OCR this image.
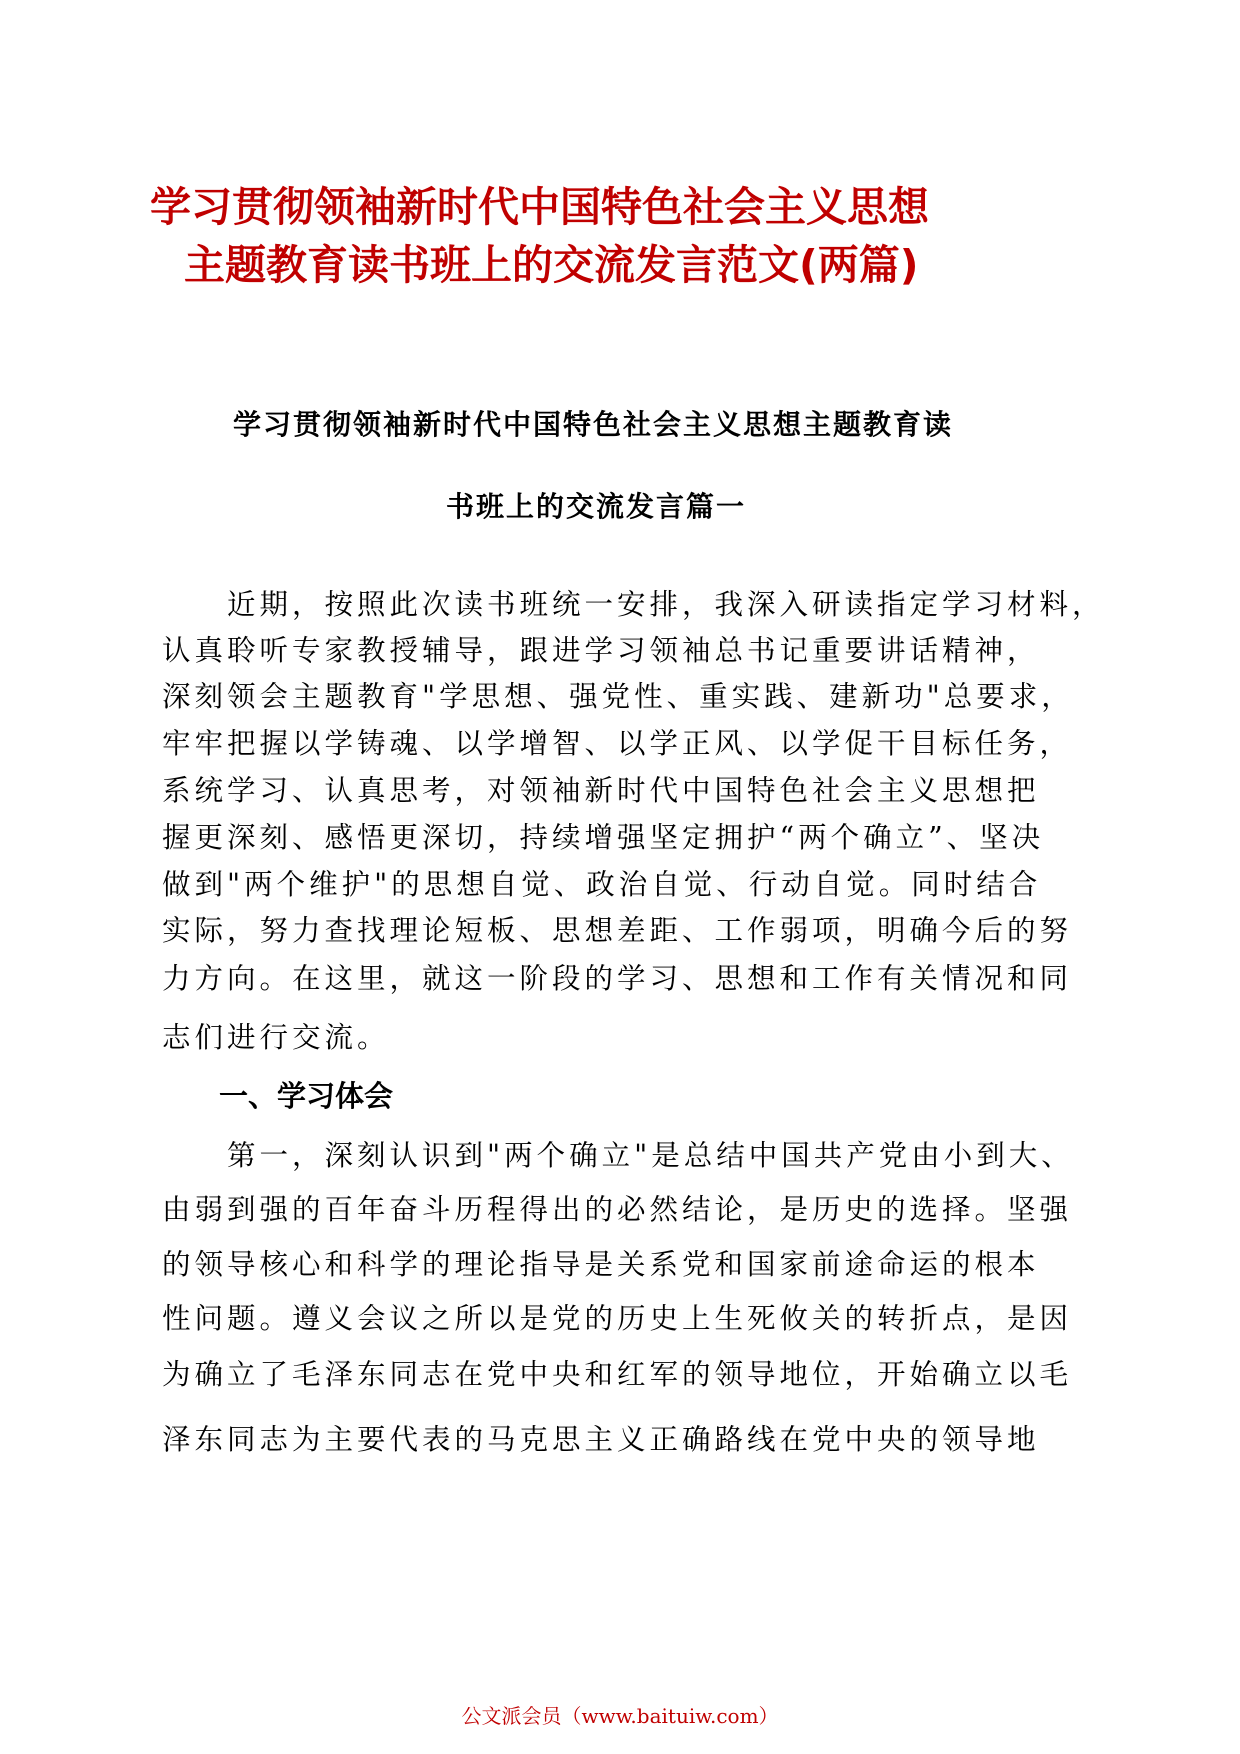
学习贯彻领袖新时代中国特色社会主义思想
主题教育读书班上的交流发言范文(两篇)
学习贯彻领袖新时代中国特色社会主义思想主题教育读
书班上的交流发言篇一
　　近期，按照此次读书班统一安排，我深入研读指定学习材料，
认真聆听专家教授辅导，跟进学习领袖总书记重要讲话精神，
深刻领会主题教育"学思想、强党性、重实践、建新功"总要求，
牢牢把握以学铸魂、以学增智、以学正风、以学促干目标任务，
系统学习、认真思考，对领袖新时代中国特色社会主义思想把
握更深刻、感悟更深切，持续增强坚定拥护“两个确立”、坚决
做到"两个维护"的思想自觉、政治自觉、行动自觉。同时结合
实际，努力查找理论短板、思想差距、工作弱项，明确今后的努
力方向。在这里，就这一阶段的学习、思想和工作有关情况和同
志们进行交流。
一、学习体会
　　第一，深刻认识到"两个确立"是总结中国共产党由小到大、
由弱到强的百年奋斗历程得出的必然结论，是历史的选择。坚强
的领导核心和科学的理论指导是关系党和国家前途命运的根本
性问题。遵义会议之所以是党的历史上生死攸关的转折点，是因
为确立了毛泽东同志在党中央和红军的领导地位，开始确立以毛
泽东同志为主要代表的马克思主义正确路线在党中央的领导地
公文派会员（www.baituiw.com）
